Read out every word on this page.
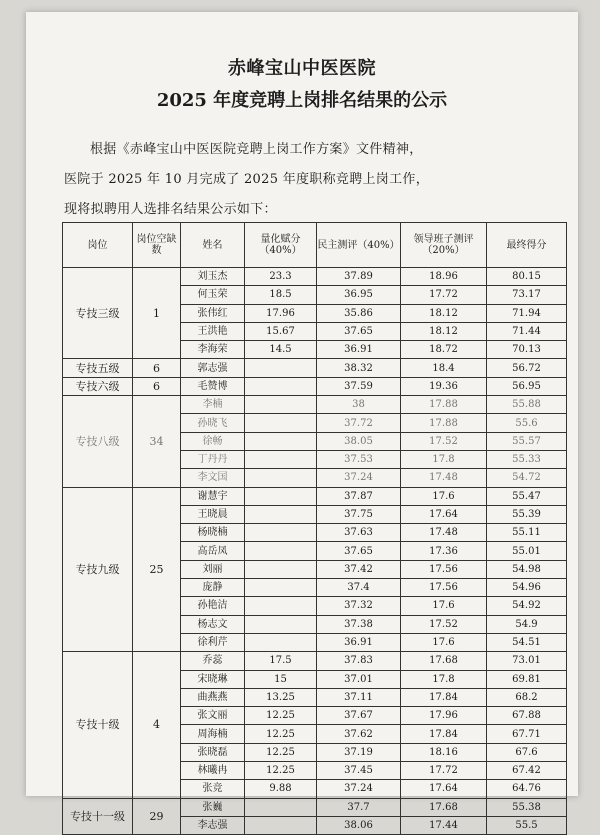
赤峰宝山中医医院
2025 年度竞聘上岗排名结果的公示
根据《赤峰宝山中医医院竞聘上岗工作方案》文件精神，
医院于 2025 年 10 月完成了 2025 年度职称竞聘上岗工作，
现将拟聘用人选排名结果公示如下：
岗位	岗位空缺数	姓名	量化赋分（40%）	民主测评（40%）	领导班子测评（20%）	最终得分
专技三级	1	刘玉杰	23.3	37.89	18.96	80.15
		何玉荣	18.5	36.95	17.72	73.17
		张伟红	17.96	35.86	18.12	71.94
		王洪艳	15.67	37.65	18.12	71.44
		李海荣	14.5	36.91	18.72	70.13
专技五级	6	郭志强		38.32	18.4	56.72
专技六级	6	毛赞博		37.59	19.36	56.95
专技八级	34	李楠		38	17.88	55.88
		孙晓飞		37.72	17.88	55.6
		徐畅		38.05	17.52	55.57
		丁丹丹		37.53	17.8	55.33
		李文国		37.24	17.48	54.72
专技九级	25	谢慧宇		37.87	17.6	55.47
		王晓晨		37.75	17.64	55.39
		杨晓楠		37.63	17.48	55.11
		高岳凤		37.65	17.36	55.01
		刘丽		37.42	17.56	54.98
		庞静		37.4	17.56	54.96
		孙艳洁		37.32	17.6	54.92
		杨志文		37.38	17.52	54.9
		徐利芹		36.91	17.6	54.51
专技十级	4	乔蕊	17.5	37.83	17.68	73.01
		宋晓琳	15	37.01	17.8	69.81
		曲燕燕	13.25	37.11	17.84	68.2
		张文丽	12.25	37.67	17.96	67.88
		周海楠	12.25	37.62	17.84	67.71
		张晓磊	12.25	37.19	18.16	67.6
		林曦冉	12.25	37.45	17.72	67.42
		张竞	9.88	37.24	17.64	64.76
专技十一级	29	张巍		37.7	17.68	55.38
		李志强		38.06	17.44	55.5
